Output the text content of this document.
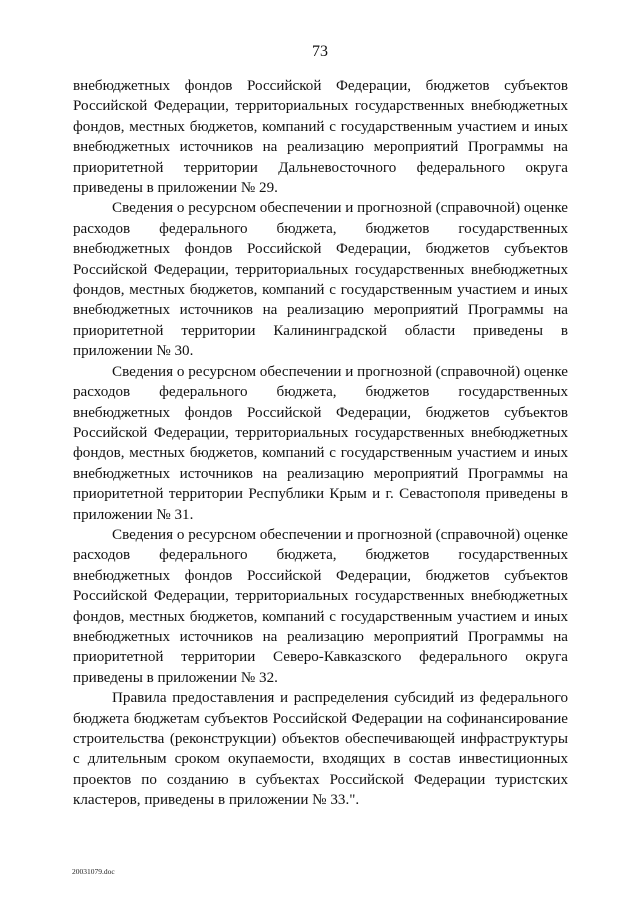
73

внебюджетных фондов Российской Федерации, бюджетов субъектов Российской Федерации, территориальных государственных внебюджетных фондов, местных бюджетов, компаний с государственным участием и иных внебюджетных источников на реализацию мероприятий Программы на приоритетной территории Дальневосточного федерального округа приведены в приложении № 29.

Сведения о ресурсном обеспечении и прогнозной (справочной) оценке расходов федерального бюджета, бюджетов государственных внебюджетных фондов Российской Федерации, бюджетов субъектов Российской Федерации, территориальных государственных внебюджетных фондов, местных бюджетов, компаний с государственным участием и иных внебюджетных источников на реализацию мероприятий Программы на приоритетной территории Калининградской области приведены в приложении № 30.

Сведения о ресурсном обеспечении и прогнозной (справочной) оценке расходов федерального бюджета, бюджетов государственных внебюджетных фондов Российской Федерации, бюджетов субъектов Российской Федерации, территориальных государственных внебюджетных фондов, местных бюджетов, компаний с государственным участием и иных внебюджетных источников на реализацию мероприятий Программы на приоритетной территории Республики Крым и г. Севастополя приведены в приложении № 31.

Сведения о ресурсном обеспечении и прогнозной (справочной) оценке расходов федерального бюджета, бюджетов государственных внебюджетных фондов Российской Федерации, бюджетов субъектов Российской Федерации, территориальных государственных внебюджетных фондов, местных бюджетов, компаний с государственным участием и иных внебюджетных источников на реализацию мероприятий Программы на приоритетной территории Северо-Кавказского федерального округа приведены в приложении № 32.

Правила предоставления и распределения субсидий из федерального бюджета бюджетам субъектов Российской Федерации на софинансирование строительства (реконструкции) объектов обеспечивающей инфраструктуры с длительным сроком окупаемости, входящих в состав инвестиционных проектов по созданию в субъектах Российской Федерации туристских кластеров, приведены в приложении № 33.".

20031079.doc
